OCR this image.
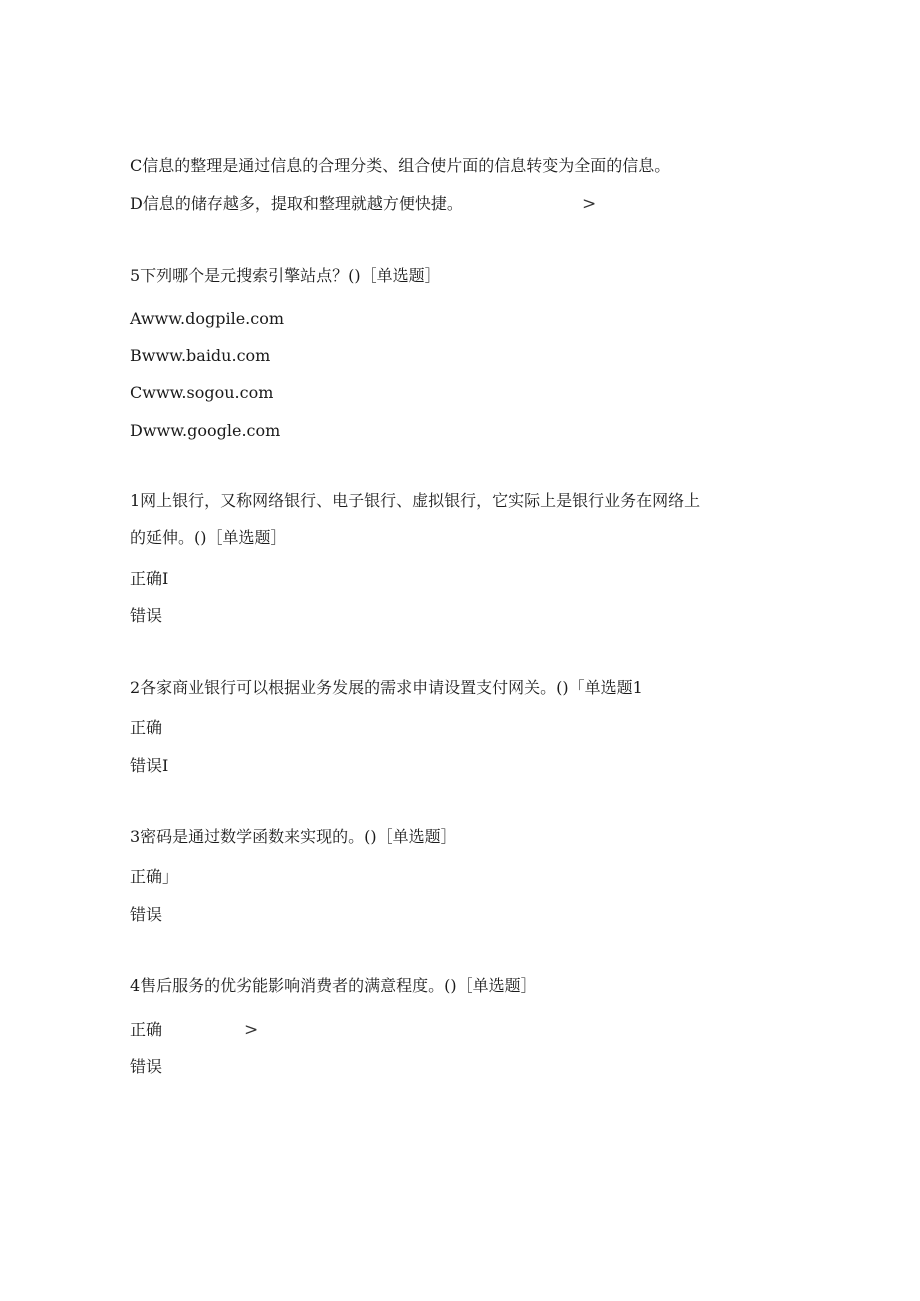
C信息的整理是通过信息的合理分类、组合使片面的信息转变为全面的信息。
D信息的储存越多，提取和整理就越方便快捷。	>
5下列哪个是元搜索引擎站点？()［单选题］
Awww.dogpile.com
Bwww.baidu.com
Cwww.sogou.com
Dwww.google.com
1网上银行，又称网络银行、电子银行、虚拟银行，它实际上是银行业务在网络上
的延伸。()［单选题］
正确I
错误
2各家商业银行可以根据业务发展的需求申请设置支付网关。()「单选题1
正确
错误I
3密码是通过数学函数来实现的。()［单选题］
正确」
错误
4售后服务的优劣能影响消费者的满意程度。()［单选题］
正确	>
错误
